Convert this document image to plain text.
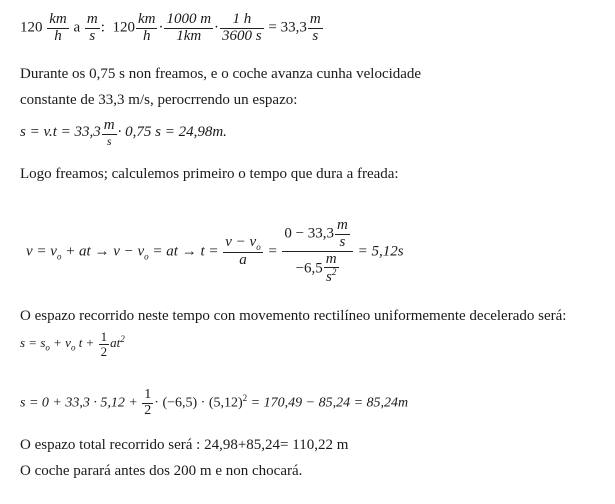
$120 \frac{km}{h}$ a $\frac{m}{s}$ : $120 \frac{km}{h} \cdot \frac{1000 m}{1km} \cdot \frac{1 h}{3600 s} = 33,3 \frac{m}{s}$
Durante os 0,75 s non freamos, e o coche avanza cunha velocidade
constante de 33,3 m/s, perocrrendo un espazo:
$s = v.t = 33,3 \frac{m}{s} \cdot 0,75$ s = 24,98m.
Logo freamos; calculemos primeiro o tempo que dura a freada:
$v = v_o$ + at → $v - v_o$ = at → $t = \frac{v - v_o}{a} = \frac{0 - 33,3 \frac{m}{s}}{-6,5 \frac{m}{s^2}} = 5,12s$
O espazo recorrido neste tempo con movemento rectilíneo uniformemente decelerado será:
$s = s_o + v_o$ $t + \frac{1}{2} at^2$
$s = 0 + 33,3 \cdot 5,12 + \frac{1}{2} \cdot (-6,5) \cdot (5,12)^2 = 170,49 - 85,24 = 85,24m$
O espazo total recorrido será : 24,98+85,24= 110,22 m
O coche parará antes dos 200 m e non chocará.
